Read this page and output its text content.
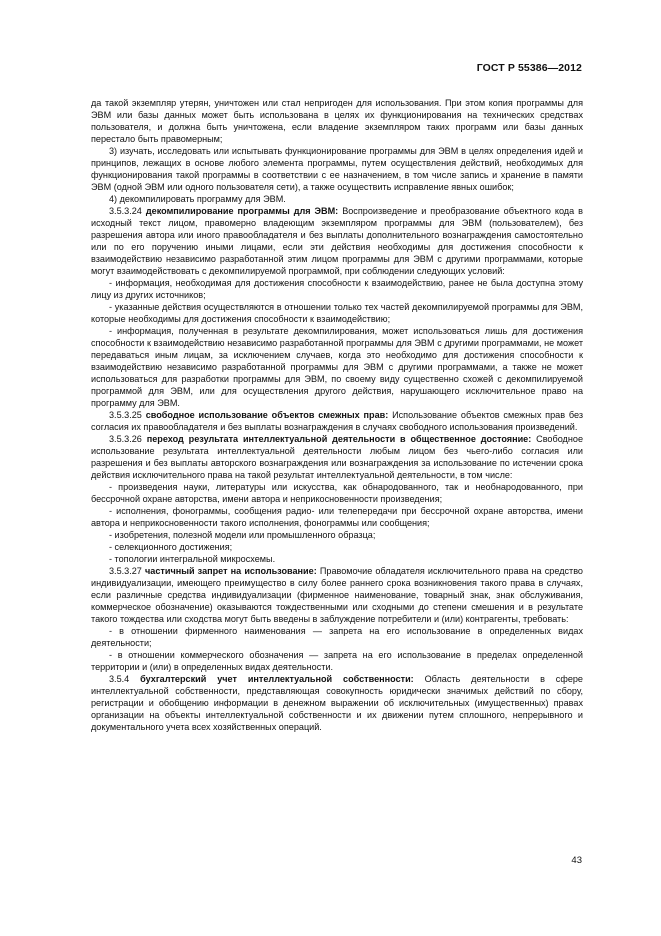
ГОСТ Р 55386—2012

да такой экземпляр утерян, уничтожен или стал непригоден для использования. При этом копия программы для ЭВМ или базы данных может быть использована в целях их функционирования на технических средствах пользователя, и должна быть уничтожена, если владение экземпляром таких программ или базы данных перестало быть правомерным;

3) изучать, исследовать или испытывать функционирование программы для ЭВМ в целях определения идей и принципов, лежащих в основе любого элемента программы, путем осуществления действий, необходимых для функционирования такой программы в соответствии с ее назначением, в том числе запись и хранение в памяти ЭВМ (одной ЭВМ или одного пользователя сети), а также осуществить исправление явных ошибок;

4) декомпилировать программу для ЭВМ.

3.5.3.24 декомпилирование программы для ЭВМ: Воспроизведение и преобразование объектного кода в исходный текст лицом, правомерно владеющим экземпляром программы для ЭВМ (пользователем), без разрешения автора или иного правообладателя и без выплаты дополнительного вознаграждения самостоятельно или по его поручению иными лицами, если эти действия необходимы для достижения способности к взаимодействию независимо разработанной этим лицом программы для ЭВМ с другими программами, которые могут взаимодействовать с декомпилируемой программой, при соблюдении следующих условий:

- информация, необходимая для достижения способности к взаимодействию, ранее не была доступна этому лицу из других источников;

- указанные действия осуществляются в отношении только тех частей декомпилируемой программы для ЭВМ, которые необходимы для достижения способности к взаимодействию;

- информация, полученная в результате декомпилирования, может использоваться лишь для достижения способности к взаимодействию независимо разработанной программы для ЭВМ с другими программами, не может передаваться иным лицам, за исключением случаев, когда это необходимо для достижения способности к взаимодействию независимо разработанной программы для ЭВМ с другими программами, а также не может использоваться для разработки программы для ЭВМ, по своему виду существенно схожей с декомпилируемой программой для ЭВМ, или для осуществления другого действия, нарушающего исключительное право на программу для ЭВМ.

3.5.3.25 свободное использование объектов смежных прав: Использование объектов смежных прав без согласия их правообладателя и без выплаты вознаграждения в случаях свободного использования произведений.

3.5.3.26 переход результата интеллектуальной деятельности в общественное достояние: Свободное использование результата интеллектуальной деятельности любым лицом без чьего-либо согласия или разрешения и без выплаты авторского вознаграждения или вознаграждения за использование по истечении срока действия исключительного права на такой результат интеллектуальной деятельности, в том числе:

- произведения науки, литературы или искусства, как обнародованного, так и необнародованного, при бессрочной охране авторства, имени автора и неприкосновенности произведения;

- исполнения, фонограммы, сообщения радио- или телепередачи при бессрочной охране авторства, имени автора и неприкосновенности такого исполнения, фонограммы или сообщения;

- изобретения, полезной модели или промышленного образца;

- селекционного достижения;

- топологии интегральной микросхемы.

3.5.3.27 частичный запрет на использование: Правомочие обладателя исключительного права на средство индивидуализации, имеющего преимущество в силу более раннего срока возникновения такого права в случаях, если различные средства индивидуализации (фирменное наименование, товарный знак, знак обслуживания, коммерческое обозначение) оказываются тождественными или сходными до степени смешения и в результате такого тождества или сходства могут быть введены в заблуждение потребители и (или) контрагенты, требовать:

- в отношении фирменного наименования — запрета на его использование в определенных видах деятельности;

- в отношении коммерческого обозначения — запрета на его использование в пределах определенной территории и (или) в определенных видах деятельности.

3.5.4 бухгалтерский учет интеллектуальной собственности: Область деятельности в сфере интеллектуальной собственности, представляющая совокупность юридически значимых действий по сбору, регистрации и обобщению информации в денежном выражении об исключительных (имущественных) правах организации на объекты интеллектуальной собственности и их движении путем сплошного, непрерывного и документального учета всех хозяйственных операций.

43
